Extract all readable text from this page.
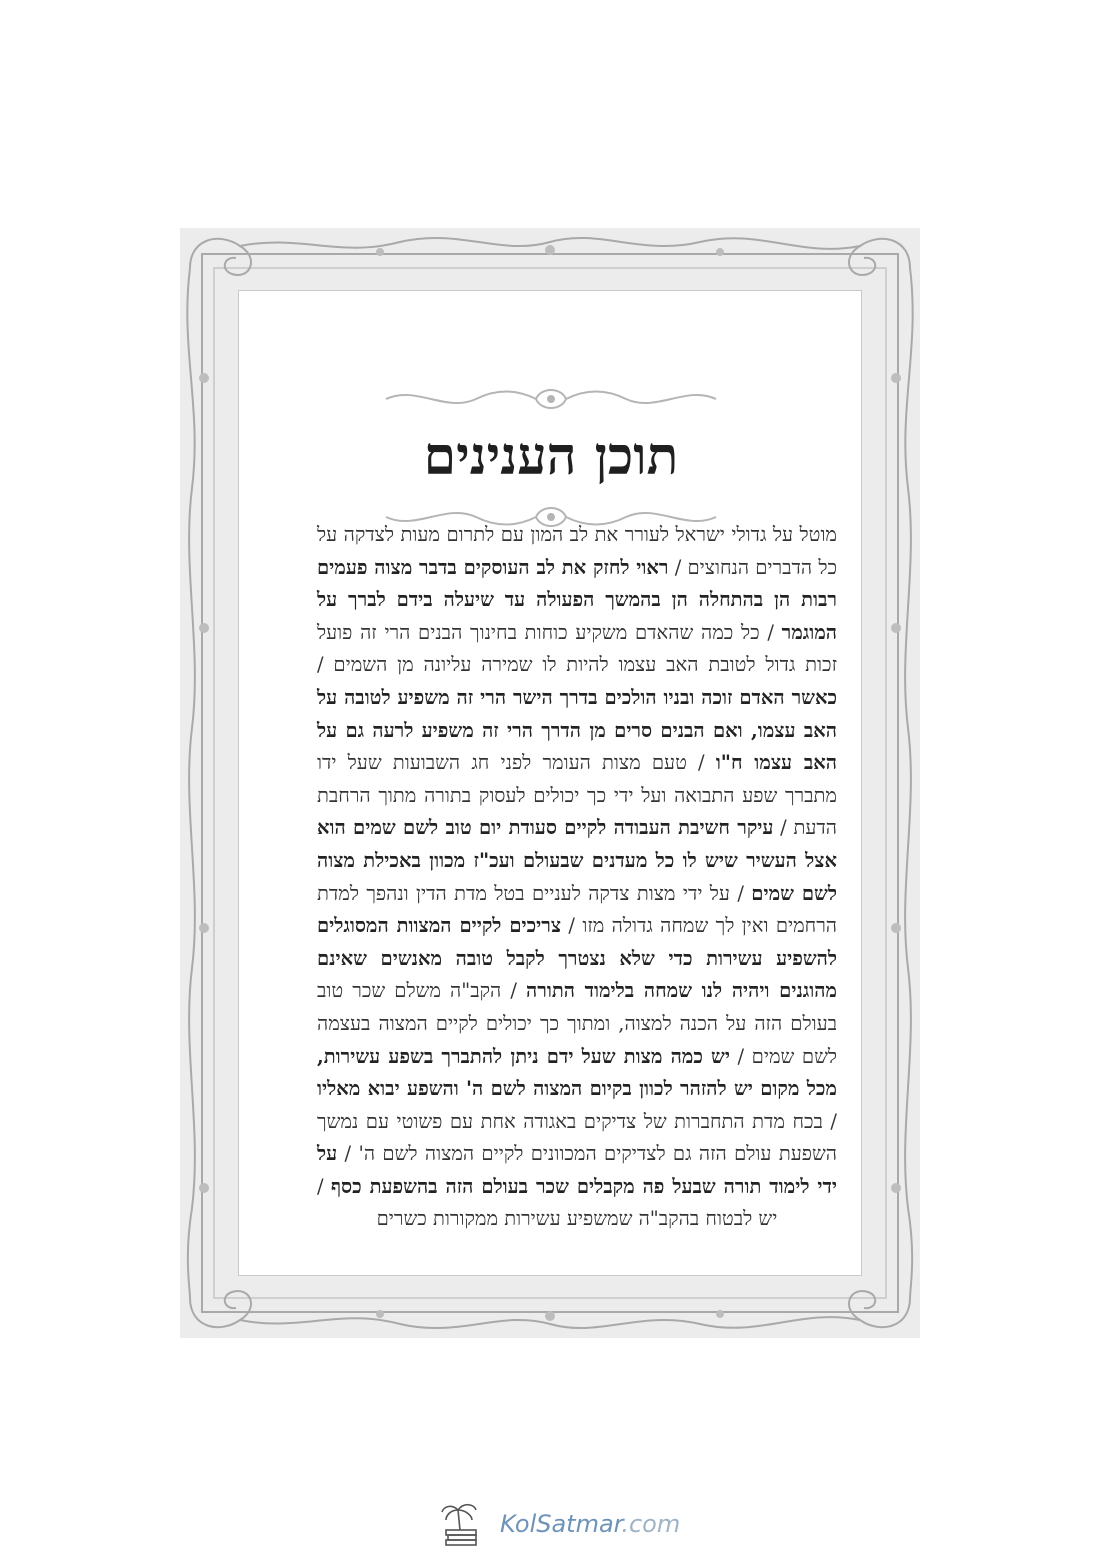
תוכן הענינים
מוטל על גדולי ישראל לעורר את לב המון עם לתרום מעות לצדקה על כל הדברים הנחוצים / ראוי לחזק את לב העוסקים בדבר מצוה פעמים רבות הן בהתחלה הן בהמשך הפעולה עד שיעלה בידם לברך על המוגמר / כל כמה שהאדם משקיע כוחות בחינוך הבנים הרי זה פועל זכות גדול לטובת האב עצמו להיות לו שמירה עליונה מן השמים / כאשר האדם זוכה ובניו הולכים בדרך הישר הרי זה משפיע לטובה על האב עצמו, ואם הבנים סרים מן הדרך הרי זה משפיע לרעה גם על האב עצמו ח"ו / טעם מצות העומר לפני חג השבועות שעל ידו מתברך שפע התבואה ועל ידי כך יכולים לעסוק בתורה מתוך הרחבת הדעת / עיקר חשיבת העבודה לקיים סעודת יום טוב לשם שמים הוא אצל העשיר שיש לו כל מעדנים שבעולם ועכ"ז מכוון באכילת מצוה לשם שמים / על ידי מצות צדקה לעניים בטל מדת הדין ונהפך למדת הרחמים ואין לך שמחה גדולה מזו / צריכים לקיים המצוות המסוגלים להשפיע עשירות כדי שלא נצטרך לקבל טובה מאנשים שאינם מהוגנים ויהיה לנו שמחה בלימוד התורה / הקב"ה משלם שכר טוב בעולם הזה על הכנה למצוה, ומתוך כך יכולים לקיים המצוה בעצמה לשם שמים / יש כמה מצות שעל ידם ניתן להתברך בשפע עשירות, מכל מקום יש להזהר לכוון בקיום המצוה לשם ה' והשפע יבוא מאליו / בכח מדת התחברות של צדיקים באגודה אחת עם פשוטי עם נמשך השפעת עולם הזה גם לצדיקים המכוונים לקיים המצוה לשם ה' / על ידי לימוד תורה שבעל פה מקבלים שכר בעולם הזה בהשפעת כסף / יש לבטוח בהקב"ה שמשפיע עשירות ממקורות כשרים
KolSatmar.com
